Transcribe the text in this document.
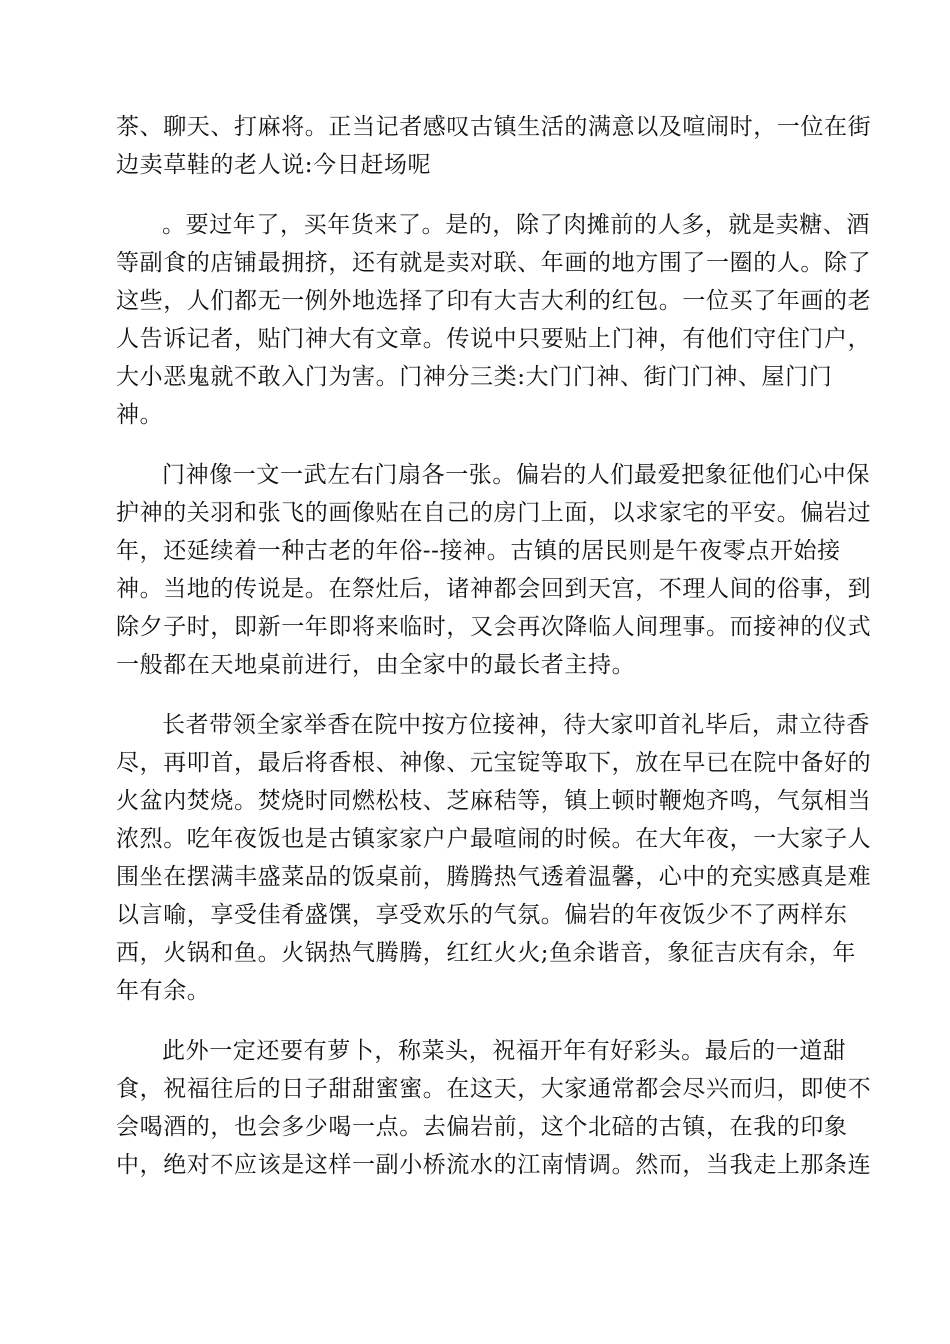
茶、聊天、打麻将。正当记者感叹古镇生活的满意以及喧闹时，一位在街
边卖草鞋的老人说:今日赶场呢
。要过年了，买年货来了。是的，除了肉摊前的人多，就是卖糖、酒
等副食的店铺最拥挤，还有就是卖对联、年画的地方围了一圈的人。除了
这些，人们都无一例外地选择了印有大吉大利的红包。一位买了年画的老
人告诉记者，贴门神大有文章。传说中只要贴上门神，有他们守住门户，
大小恶鬼就不敢入门为害。门神分三类:大门门神、街门门神、屋门门
神。
门神像一文一武左右门扇各一张。偏岩的人们最爱把象征他们心中保
护神的关羽和张飞的画像贴在自己的房门上面，以求家宅的平安。偏岩过
年，还延续着一种古老的年俗--接神。古镇的居民则是午夜零点开始接
神。当地的传说是。在祭灶后，诸神都会回到天宫，不理人间的俗事，到
除夕子时，即新一年即将来临时，又会再次降临人间理事。而接神的仪式
一般都在天地桌前进行，由全家中的最长者主持。
长者带领全家举香在院中按方位接神，待大家叩首礼毕后，肃立待香
尽，再叩首，最后将香根、神像、元宝锭等取下，放在早已在院中备好的
火盆内焚烧。焚烧时同燃松枝、芝麻秸等，镇上顿时鞭炮齐鸣，气氛相当
浓烈。吃年夜饭也是古镇家家户户最喧闹的时候。在大年夜，一大家子人
围坐在摆满丰盛菜品的饭桌前，腾腾热气透着温馨，心中的充实感真是难
以言喻，享受佳肴盛馔，享受欢乐的气氛。偏岩的年夜饭少不了两样东
西，火锅和鱼。火锅热气腾腾，红红火火;鱼余谐音，象征吉庆有余，年
年有余。
此外一定还要有萝卜，称菜头，祝福开年有好彩头。最后的一道甜
食，祝福往后的日子甜甜蜜蜜。在这天，大家通常都会尽兴而归，即使不
会喝酒的，也会多少喝一点。去偏岩前，这个北碚的古镇，在我的印象
中，绝对不应该是这样一副小桥流水的江南情调。然而，当我走上那条连
